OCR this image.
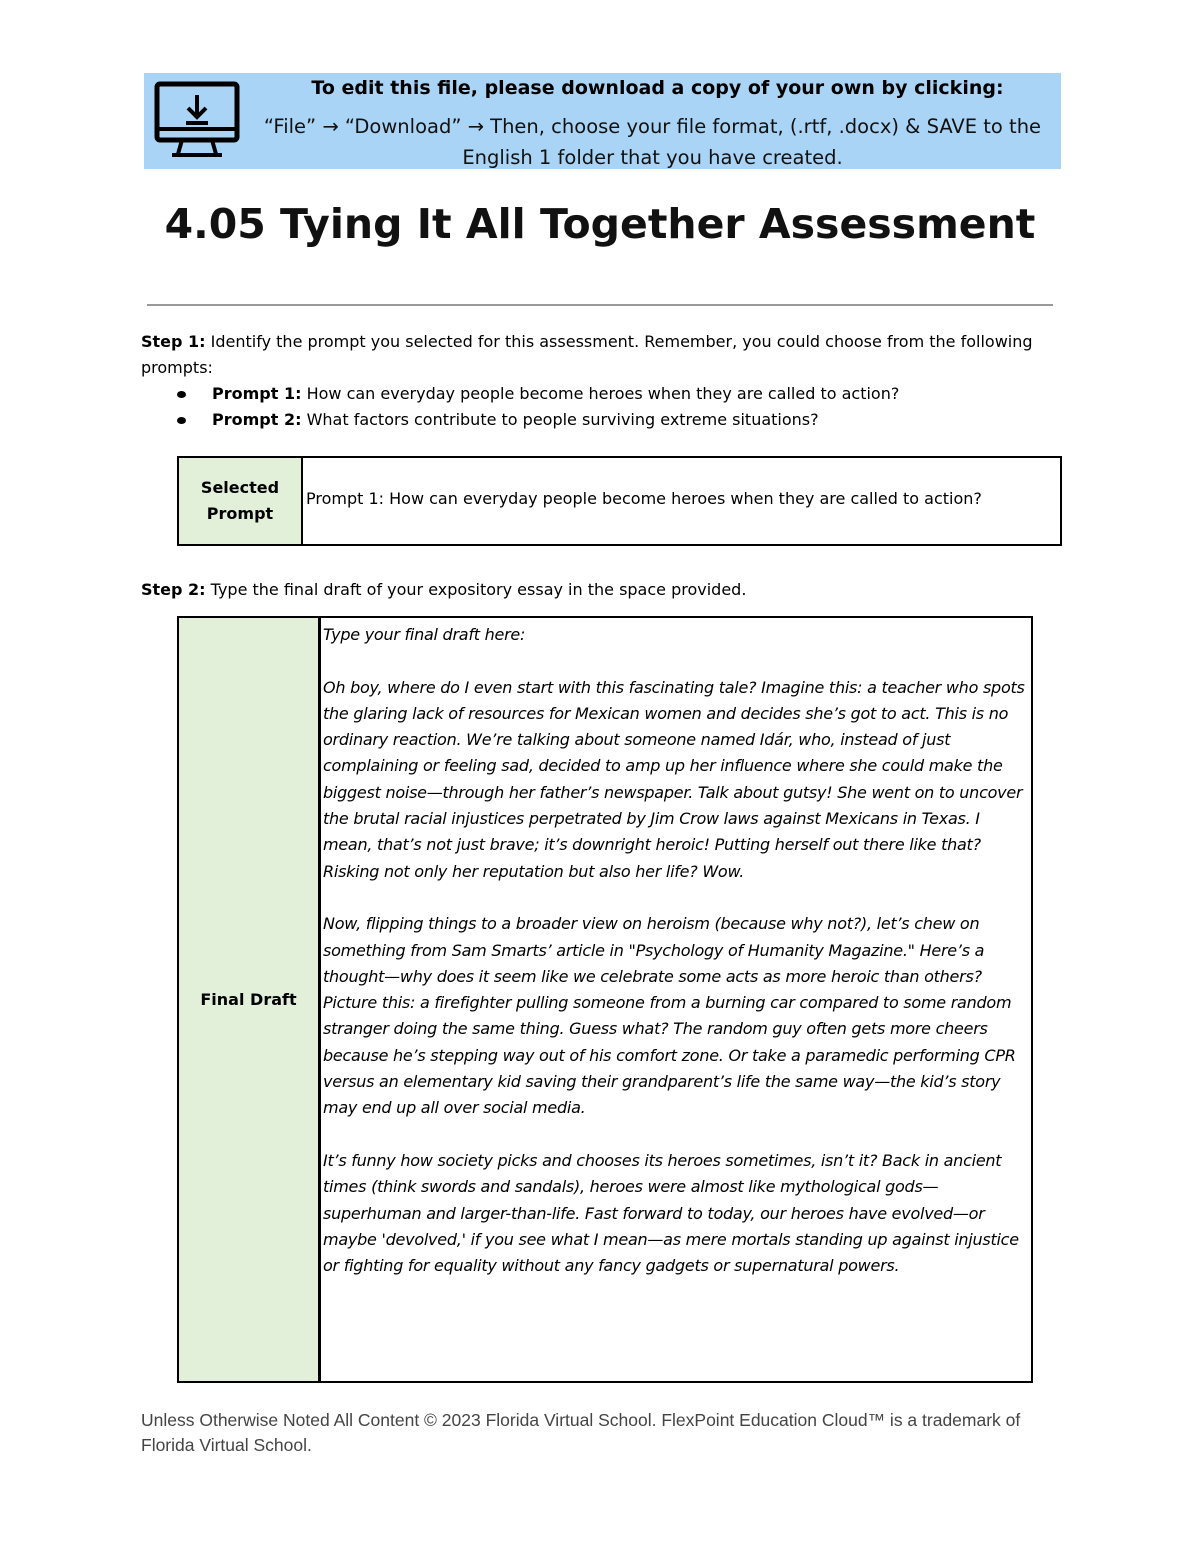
To edit this file, please download a copy of your own by clicking:
“File” → “Download” → Then, choose your file format, (.rtf, .docx) & SAVE to the
English 1 folder that you have created.
4.05 Tying It All Together Assessment
Step 1: Identify the prompt you selected for this assessment. Remember, you could choose from the following prompts:
Prompt 1: How can everyday people become heroes when they are called to action?
Prompt 2: What factors contribute to people surviving extreme situations?
Selected
Prompt
Prompt 1: How can everyday people become heroes when they are called to action?
Step 2: Type the final draft of your expository essay in the space provided.
Final Draft

Type your final draft here:

Oh boy, where do I even start with this fascinating tale? Imagine this: a teacher who spots the glaring lack of resources for Mexican women and decides she’s got to act. This is no ordinary reaction. We’re talking about someone named Idár, who, instead of just complaining or feeling sad, decided to amp up her influence where she could make the biggest noise—through her father’s newspaper. Talk about gutsy! She went on to uncover the brutal racial injustices perpetrated by Jim Crow laws against Mexicans in Texas. I mean, that’s not just brave; it’s downright heroic! Putting herself out there like that? Risking not only her reputation but also her life? Wow.

Now, flipping things to a broader view on heroism (because why not?), let’s chew on something from Sam Smarts’ article in "Psychology of Humanity Magazine." Here’s a thought—why does it seem like we celebrate some acts as more heroic than others? Picture this: a firefighter pulling someone from a burning car compared to some random stranger doing the same thing. Guess what? The random guy often gets more cheers because he’s stepping way out of his comfort zone. Or take a paramedic performing CPR versus an elementary kid saving their grandparent’s life the same way—the kid’s story may end up all over social media.

It’s funny how society picks and chooses its heroes sometimes, isn’t it? Back in ancient times (think swords and sandals), heroes were almost like mythological gods—superhuman and larger-than-life. Fast forward to today, our heroes have evolved—or maybe 'devolved,' if you see what I mean—as mere mortals standing up against injustice or fighting for equality without any fancy gadgets or supernatural powers.

Unless Otherwise Noted All Content © 2023 Florida Virtual School. FlexPoint Education Cloud™ is a trademark of Florida Virtual School.
